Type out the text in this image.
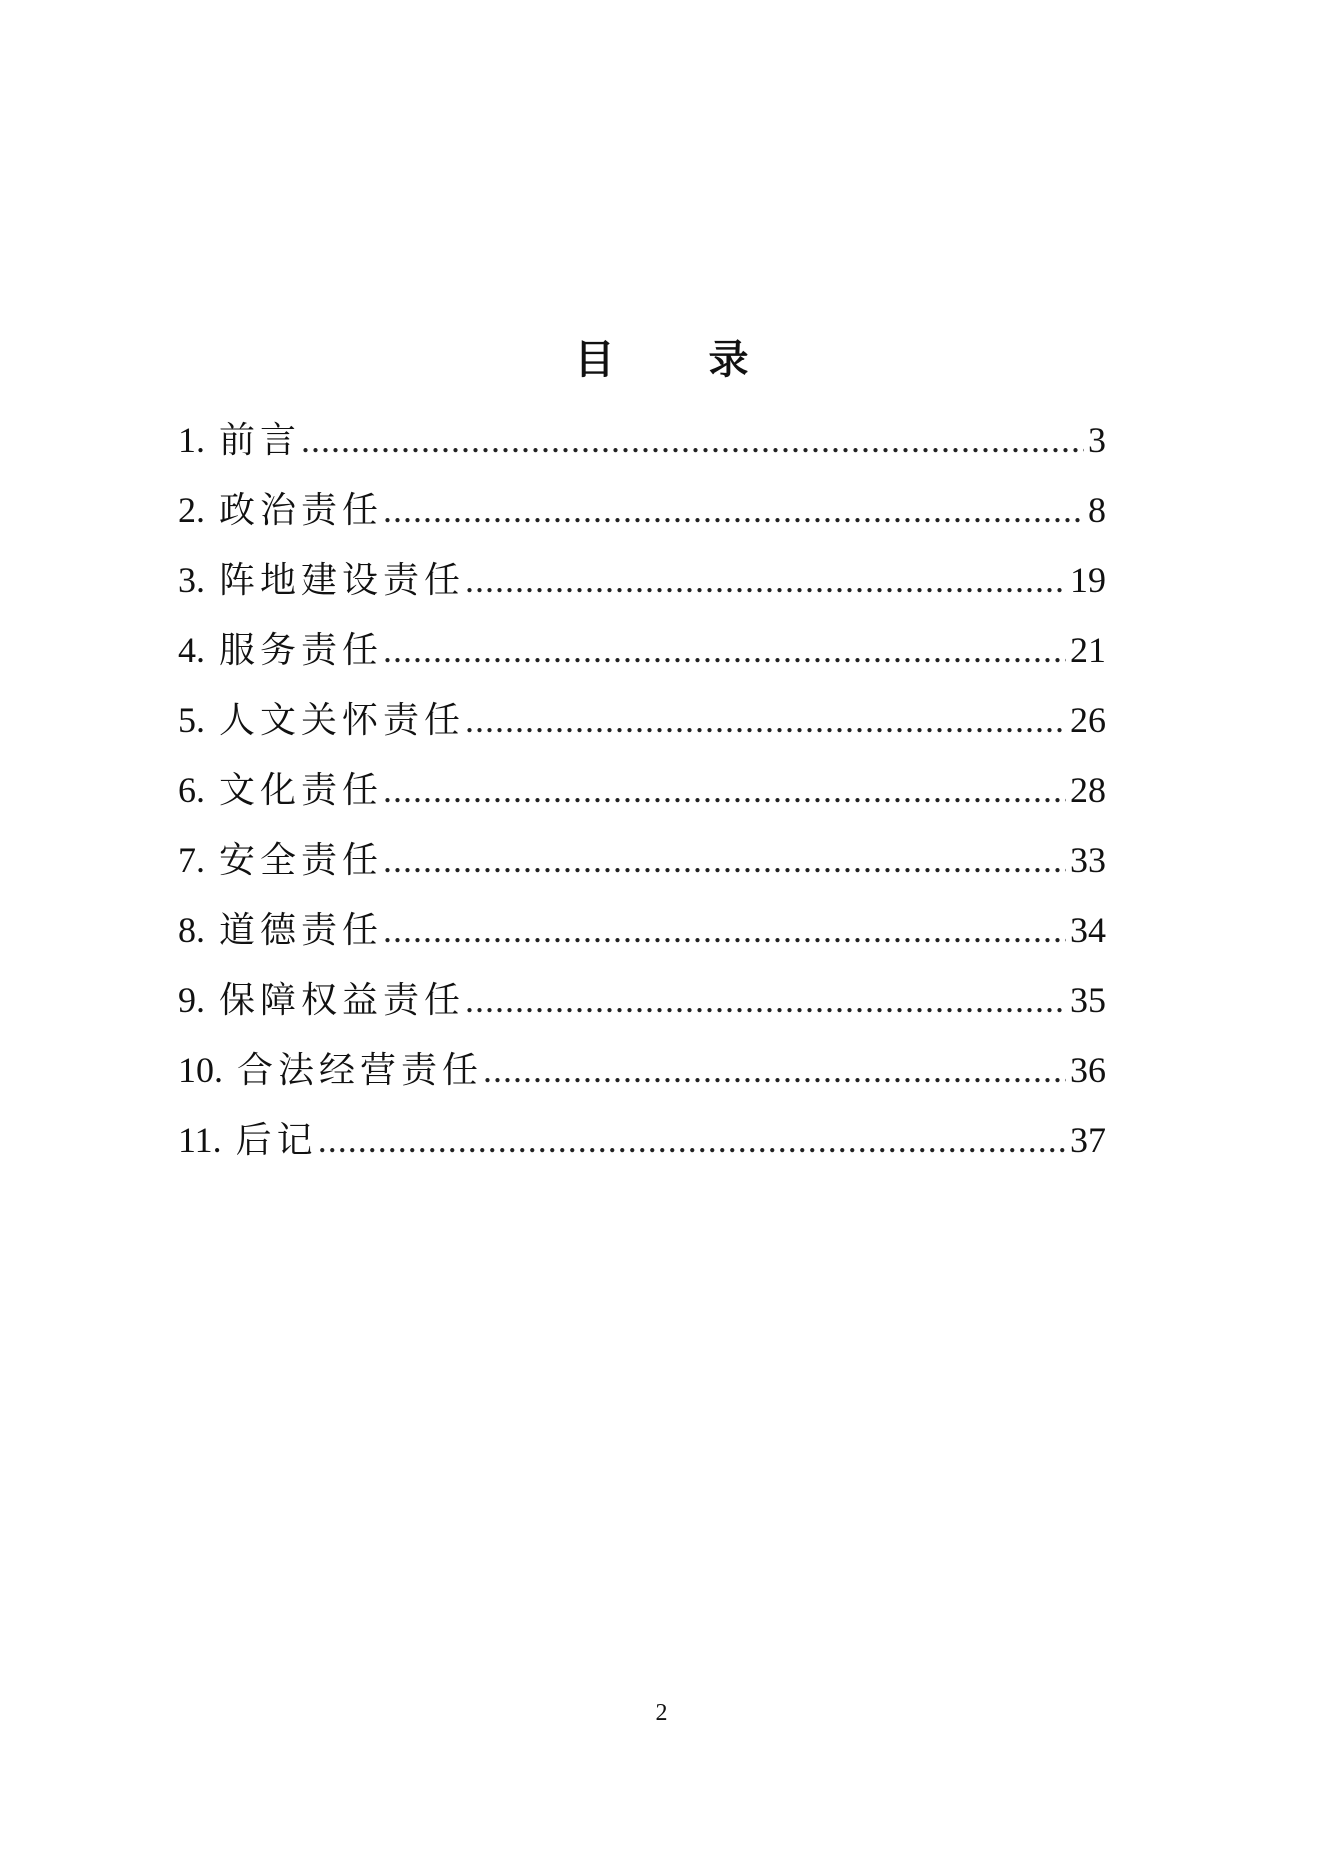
目 录
1. 前言 .....	3
2. 政治责任 .....	8
3. 阵地建设责任 .....	19
4. 服务责任 .....	21
5. 人文关怀责任 .....	26
6. 文化责任 .....	28
7. 安全责任 .....	33
8. 道德责任 .....	34
9. 保障权益责任 .....	35
10. 合法经营责任 .....	36
11. 后记 .....	37
2
